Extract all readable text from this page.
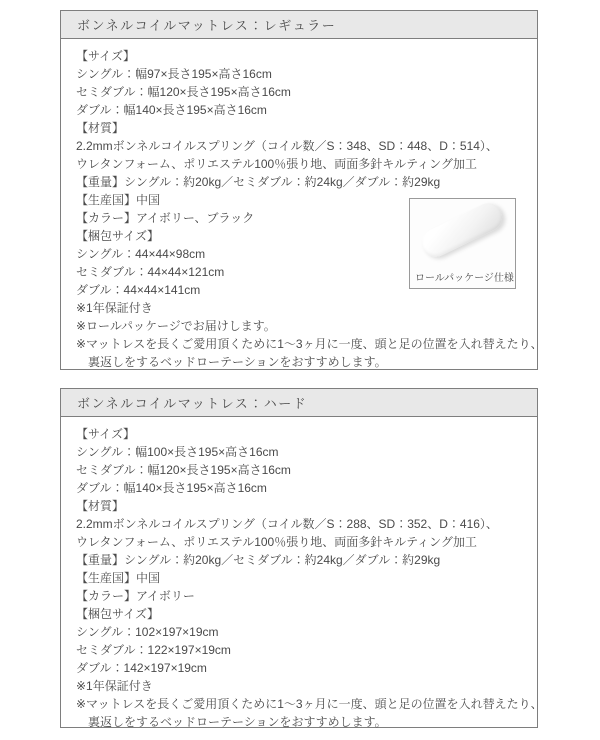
ボンネルコイルマットレス：レギュラー
【サイズ】
シングル：幅97×長さ195×高さ16cm
セミダブル：幅120×長さ195×高さ16cm
ダブル：幅140×長さ195×高さ16cm
【材質】
2.2mmボンネルコイルスプリング（コイル数／S：348、SD：448、D：514）、
ウレタンフォーム、ポリエステル100％張り地、両面多針キルティング加工
【重量】シングル：約20kg／セミダブル：約24kg／ダブル：約29kg
【生産国】中国
【カラー】アイボリー、ブラック
【梱包サイズ】
シングル：44×44×98cm
セミダブル：44×44×121cm
ダブル：44×44×141cm
※1年保証付き
※ロールパッケージでお届けします。
※マットレスを長くご愛用頂くために1～3ヶ月に一度、頭と足の位置を入れ替えたり、
　裏返しをするベッドローテーションをおすすめします。
ロールパッケージ仕様
ボンネルコイルマットレス：ハード
【サイズ】
シングル：幅100×長さ195×高さ16cm
セミダブル：幅120×長さ195×高さ16cm
ダブル：幅140×長さ195×高さ16cm
【材質】
2.2mmボンネルコイルスプリング（コイル数／S：288、SD：352、D：416）、
ウレタンフォーム、ポリエステル100％張り地、両面多針キルティング加工
【重量】シングル：約20kg／セミダブル：約24kg／ダブル：約29kg
【生産国】中国
【カラー】アイボリー
【梱包サイズ】
シングル：102×197×19cm
セミダブル：122×197×19cm
ダブル：142×197×19cm
※1年保証付き
※マットレスを長くご愛用頂くために1～3ヶ月に一度、頭と足の位置を入れ替えたり、
　裏返しをするベッドローテーションをおすすめします。
